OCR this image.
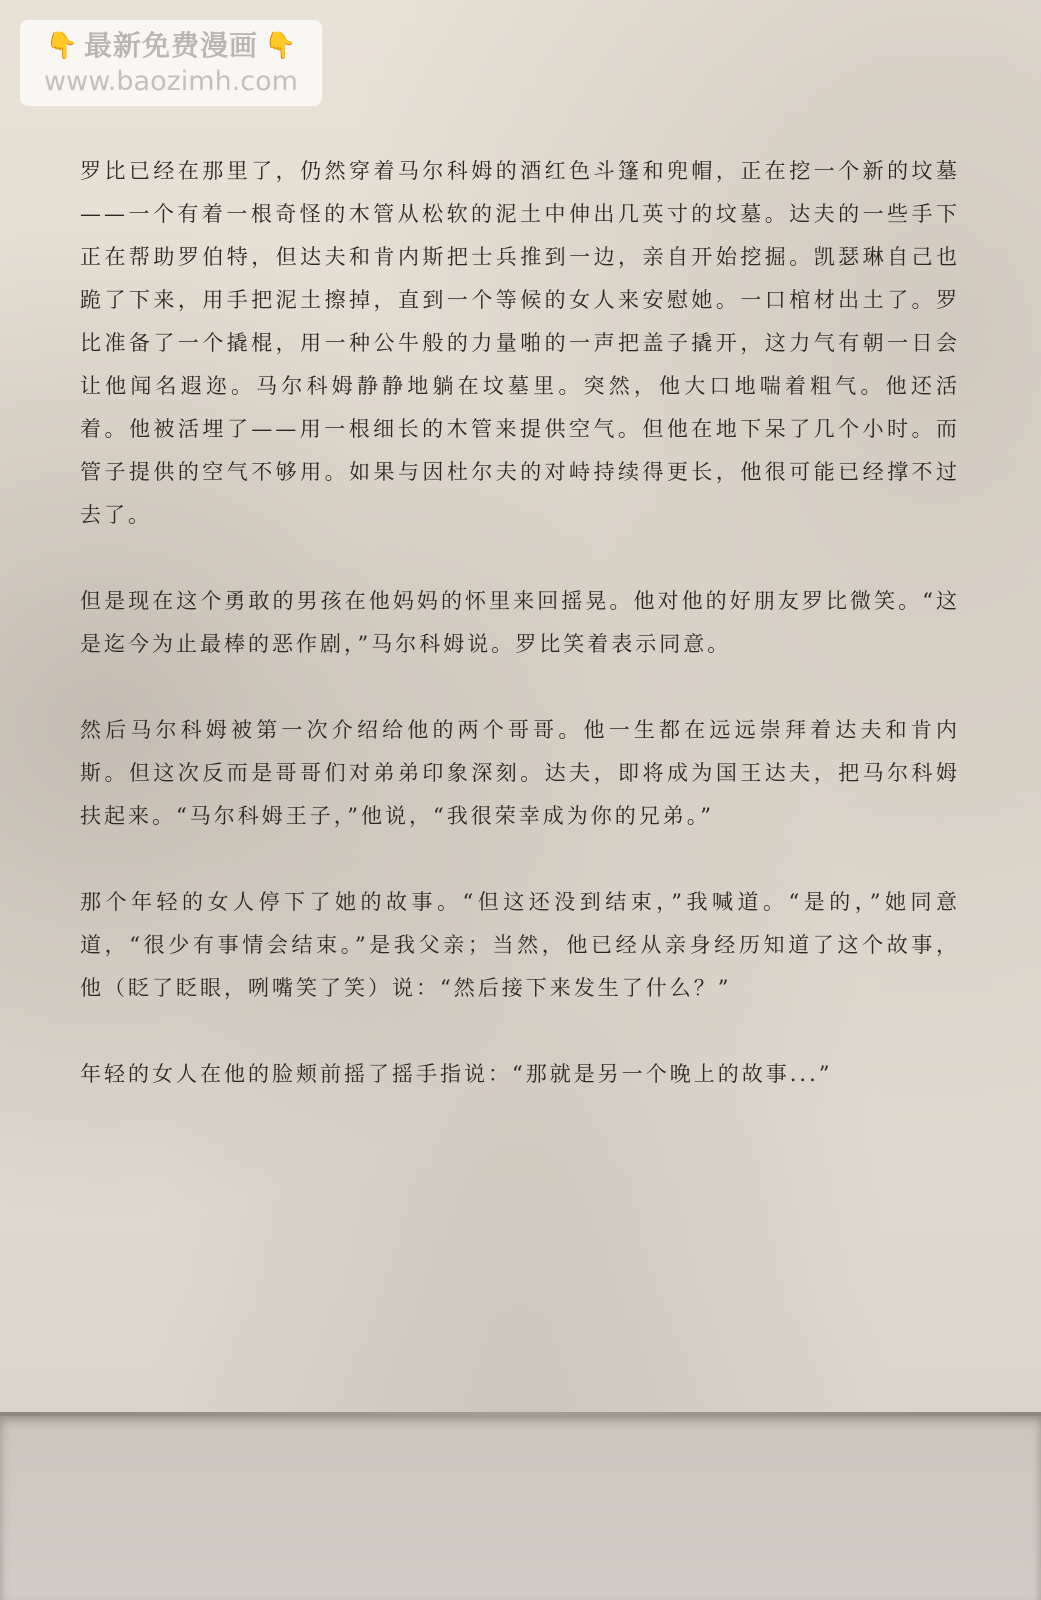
👇 最新免费漫画 👇
www.baozimh.com

罗比已经在那里了，仍然穿着马尔科姆的酒红色斗篷和兜帽，正在挖一个新的坟墓——一个有着一根奇怪的木管从松软的泥土中伸出几英寸的坟墓。达夫的一些手下正在帮助罗伯特，但达夫和肯内斯把士兵推到一边，亲自开始挖掘。凯瑟琳自己也跪了下来，用手把泥土擦掉，直到一个等候的女人来安慰她。一口棺材出土了。罗比准备了一个撬棍，用一种公牛般的力量啪的一声把盖子撬开，这力气有朝一日会让他闻名遐迩。马尔科姆静静地躺在坟墓里。突然，他大口地喘着粗气。他还活着。他被活埋了——用一根细长的木管来提供空气。但他在地下呆了几个小时。而管子提供的空气不够用。如果与因杜尔夫的对峙持续得更长，他很可能已经撑不过去了。

但是现在这个勇敢的男孩在他妈妈的怀里来回摇晃。他对他的好朋友罗比微笑。“这是迄今为止最棒的恶作剧，”马尔科姆说。罗比笑着表示同意。

然后马尔科姆被第一次介绍给他的两个哥哥。他一生都在远远崇拜着达夫和肯内斯。但这次反而是哥哥们对弟弟印象深刻。达夫，即将成为国王达夫，把马尔科姆扶起来。“马尔科姆王子，”他说，“我很荣幸成为你的兄弟。”

那个年轻的女人停下了她的故事。“但这还没到结束，”我喊道。“是的，”她同意道，“很少有事情会结束。”是我父亲；当然，他已经从亲身经历知道了这个故事，他（眨了眨眼，咧嘴笑了笑）说：“然后接下来发生了什么？”

年轻的女人在他的脸颊前摇了摇手指说：“那就是另一个晚上的故事...”
